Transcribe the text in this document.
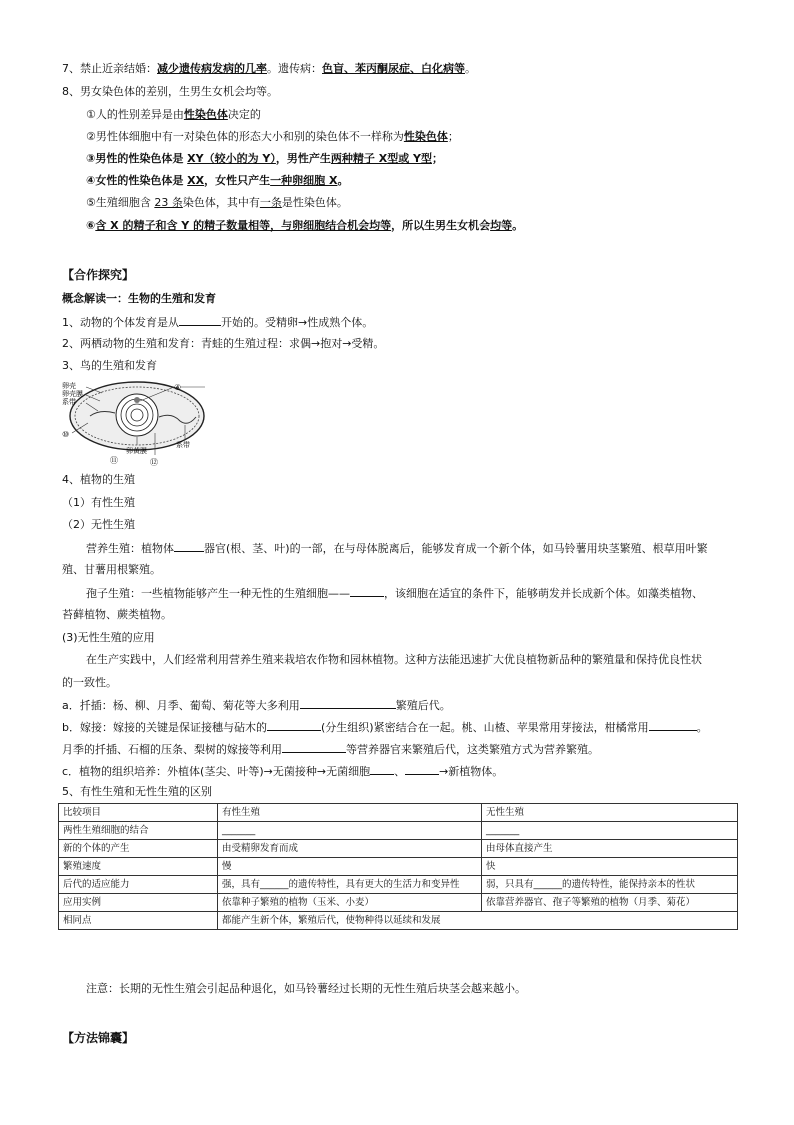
7、禁止近亲结婚：减少遗传病发病的几率。遗传病：色盲、苯丙酮尿症、白化病等。
8、男女染色体的差别，生男生女机会均等。
①人的性别差异是由性染色体决定的
②男性体细胞中有一对染色体的形态大小和别的染色体不一样称为性染色体；
③男性的性染色体是 XY（较小的为 Y），男性产生两种精子 X型或 Y型；
④女性的性染色体是 XX，女性只产生一种卵细胞 X。
⑤生殖细胞含 23 条染色体，其中有一条是性染色体。
⑥含 X 的精子和含 Y 的精子数量相等，与卵细胞结合机会均等，所以生男生女机会均等。
【合作探究】
概念解读一：生物的生殖和发育
1、动物的个体发育是从	开始的。受精卵→性成熟个体。
2、两栖动物的生殖和发育：青蛙的生殖过程：求偶→抱对→受精。
3、鸟的生殖和发育
卵壳
卵壳膜
系带
卵黄膜
系带
④
⑩
⑪	⑫
4、植物的生殖
（1）有性生殖
（2）无性生殖
营养生殖：植物体	器官(根、茎、叶)的一部，在与母体脱离后，能够发育成一个新个体，如马铃薯用块茎繁殖、根草用叶繁
殖、甘薯用根繁殖。
孢子生殖：一些植物能够产生一种无性的生殖细胞——	，该细胞在适宜的条件下，能够萌发并长成新个体。如藻类植物、
苔藓植物、蕨类植物。
(3)无性生殖的应用
在生产实践中，人们经常利用营养生殖来栽培农作物和园林植物。这种方法能迅速扩大优良植物新品种的繁殖量和保持优良性状
的一致性。
a．扦插：杨、柳、月季、葡萄、菊花等大多利用	繁殖后代。
b．嫁接：嫁接的关键是保证接穗与砧木的	(分生组织)紧密结合在一起。桃、山楂、苹果常用芽接法，柑橘常用	。
月季的扦插、石榴的压条、梨树的嫁接等利用	等营养器官来繁殖后代，这类繁殖方式为营养繁殖。
c．植物的组织培养：外植体(茎尖、叶等)→无菌接种→无菌细胞 、	→新植物体。
5、有性生殖和无性生殖的区别
比较项目	有性生殖	无性生殖
两性生殖细胞的结合	_______	_______
新的个体的产生	由受精卵发育而成	由母体直接产生
繁殖速度	慢	快
后代的适应能力	强，具有______的遗传特性，具有更大的生活力和变异性	弱，只具有______的遗传特性，能保持亲本的性状
应用实例	依靠种子繁殖的植物（玉米、小麦）	依靠营养器官、孢子等繁殖的植物（月季、菊花）
相同点	都能产生新个体，繁殖后代，使物种得以延续和发展	
注意：长期的无性生殖会引起品种退化，如马铃薯经过长期的无性生殖后块茎会越来越小。
【方法锦囊】
